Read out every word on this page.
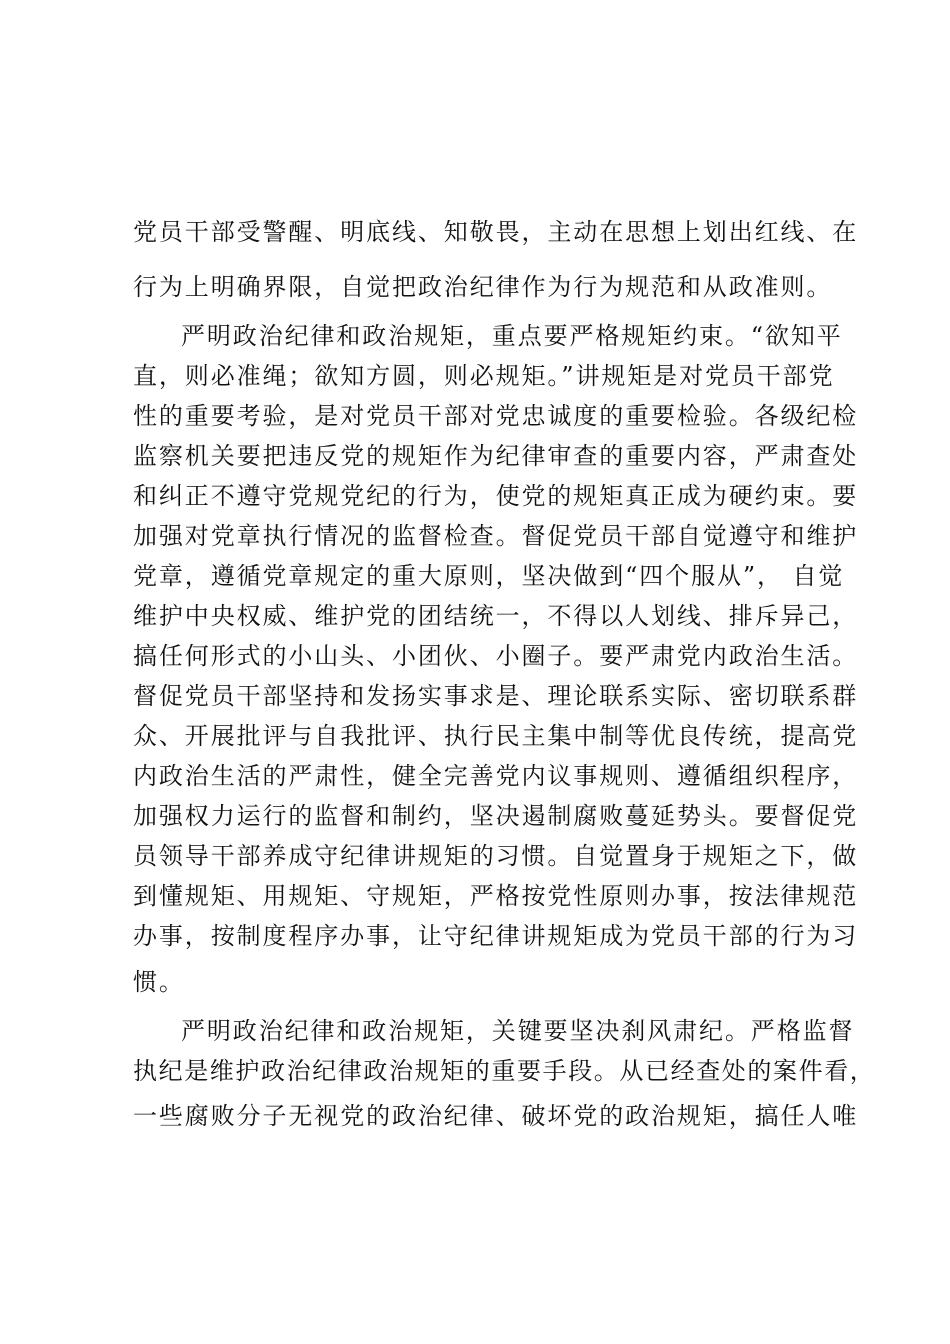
党员干部受警醒、明底线、知敬畏，主动在思想上划出红线、在
行为上明确界限，自觉把政治纪律作为行为规范和从政准则。
严明政治纪律和政治规矩，重点要严格规矩约束。“欲知平
直，则必准绳；欲知方圆，则必规矩。”讲规矩是对党员干部党
性的重要考验，是对党员干部对党忠诚度的重要检验。各级纪检
监察机关要把违反党的规矩作为纪律审查的重要内容，严肃查处
和纠正不遵守党规党纪的行为，使党的规矩真正成为硬约束。要
加强对党章执行情况的监督检查。督促党员干部自觉遵守和维护
党章，遵循党章规定的重大原则，坚决做到“四个服从”， 自觉
维护中央权威、维护党的团结统一，不得以人划线、排斥异己，
搞任何形式的小山头、小团伙、小圈子。要严肃党内政治生活。
督促党员干部坚持和发扬实事求是、理论联系实际、密切联系群
众、开展批评与自我批评、执行民主集中制等优良传统，提高党
内政治生活的严肃性，健全完善党内议事规则、遵循组织程序，
加强权力运行的监督和制约，坚决遏制腐败蔓延势头。要督促党
员领导干部养成守纪律讲规矩的习惯。自觉置身于规矩之下，做
到懂规矩、用规矩、守规矩，严格按党性原则办事，按法律规范
办事，按制度程序办事，让守纪律讲规矩成为党员干部的行为习
惯。
严明政治纪律和政治规矩，关键要坚决刹风肃纪。严格监督
执纪是维护政治纪律政治规矩的重要手段。从已经查处的案件看，
一些腐败分子无视党的政治纪律、破坏党的政治规矩，搞任人唯
